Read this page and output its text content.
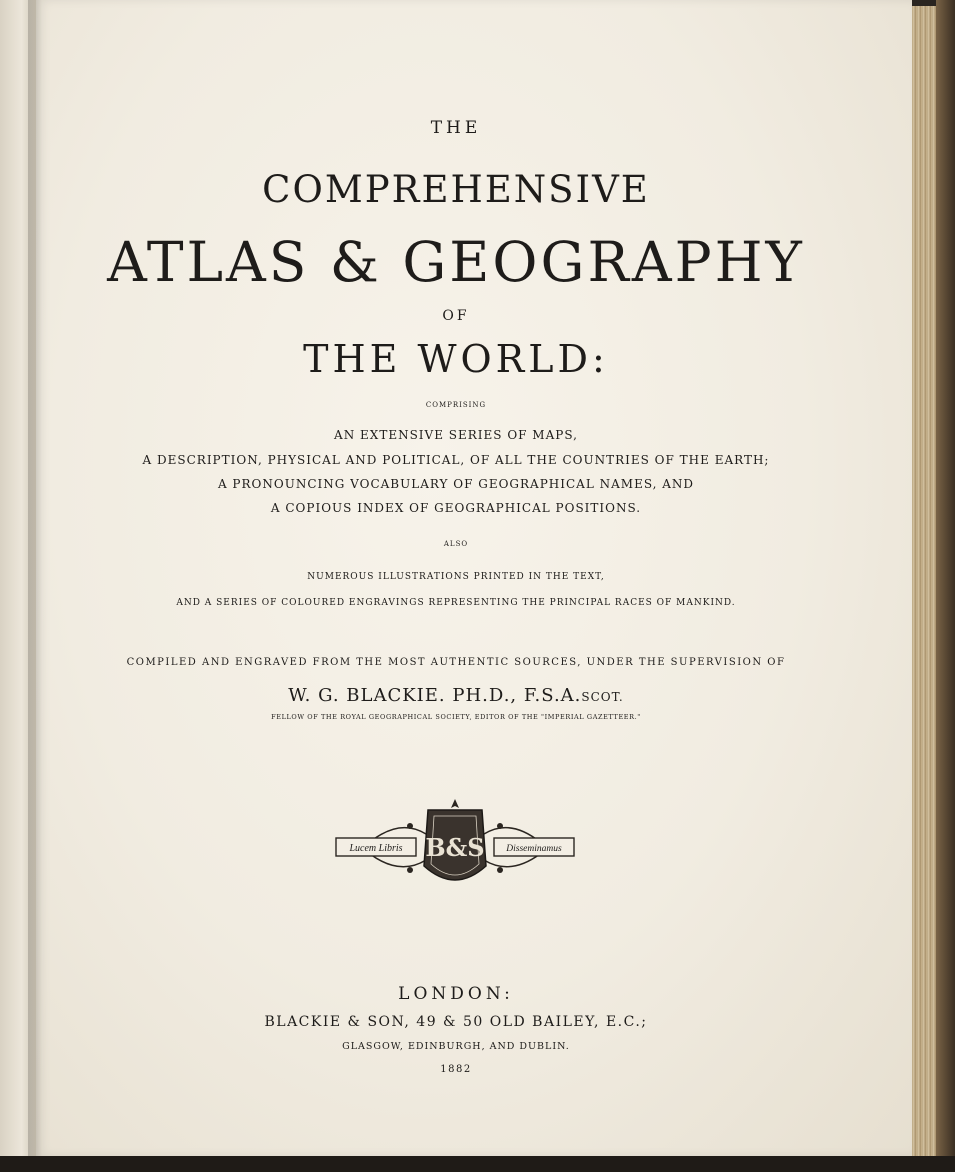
THE
COMPREHENSIVE
ATLAS & GEOGRAPHY
OF
THE WORLD:
COMPRISING
AN EXTENSIVE SERIES OF MAPS,
A DESCRIPTION, PHYSICAL AND POLITICAL, OF ALL THE COUNTRIES OF THE EARTH;
A PRONOUNCING VOCABULARY OF GEOGRAPHICAL NAMES, AND
A COPIOUS INDEX OF GEOGRAPHICAL POSITIONS.
ALSO
NUMEROUS ILLUSTRATIONS PRINTED IN THE TEXT,
AND A SERIES OF COLOURED ENGRAVINGS REPRESENTING THE PRINCIPAL RACES OF MANKIND.
COMPILED AND ENGRAVED FROM THE MOST AUTHENTIC SOURCES, UNDER THE SUPERVISION OF
W. G. BLACKIE. PH.D., F.S.A.SCOT.
FELLOW OF THE ROYAL GEOGRAPHICAL SOCIETY, EDITOR OF THE "IMPERIAL GAZETTEER."
Lucem Libris	Disseminamus
B&S
LONDON:
BLACKIE & SON, 49 & 50 OLD BAILEY, E.C.;
GLASGOW, EDINBURGH, AND DUBLIN.
1882
